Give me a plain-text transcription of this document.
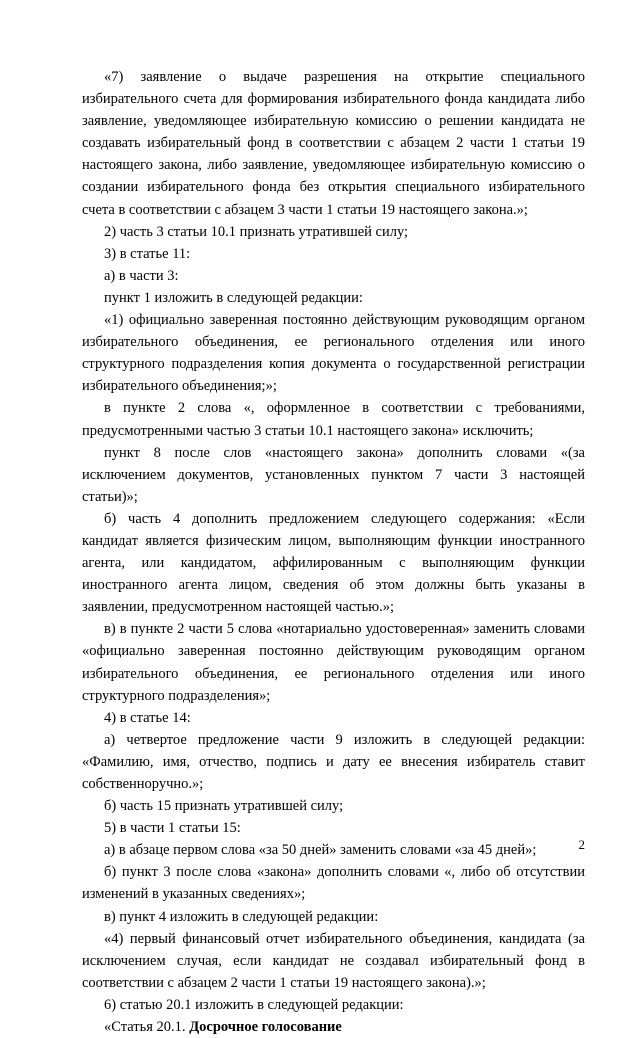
«7) заявление о выдаче разрешения на открытие специального избирательного счета для формирования избирательного фонда кандидата либо заявление, уведомляющее избирательную комиссию о решении кандидата не создавать избирательный фонд в соответствии с абзацем 2 части 1 статьи 19 настоящего закона, либо заявление, уведомляющее избирательную комиссию о создании избирательного фонда без открытия специального избирательного счета в соответствии с абзацем 3 части 1 статьи 19 настоящего закона.»;

2) часть 3 статьи 10.1 признать утратившей силу;

3) в статье 11:

а) в части 3:

пункт 1 изложить в следующей редакции:

«1) официально заверенная постоянно действующим руководящим органом избирательного объединения, ее регионального отделения или иного структурного подразделения копия документа о государственной регистрации избирательного объединения;»;

в пункте 2 слова «, оформленное в соответствии с требованиями, предусмотренными частью 3 статьи 10.1 настоящего закона» исключить;

пункт 8 после слов «настоящего закона» дополнить словами «(за исключением документов, установленных пунктом 7 части 3 настоящей статьи)»;

б) часть 4 дополнить предложением следующего содержания: «Если кандидат является физическим лицом, выполняющим функции иностранного агента, или кандидатом, аффилированным с выполняющим функции иностранного агента лицом, сведения об этом должны быть указаны в заявлении, предусмотренном настоящей частью.»;

в) в пункте 2 части 5 слова «нотариально удостоверенная» заменить словами «официально заверенная постоянно действующим руководящим органом избирательного объединения, ее регионального отделения или иного структурного подразделения»;

4) в статье 14:

а) четвертое предложение части 9 изложить в следующей редакции: «Фамилию, имя, отчество, подпись и дату ее внесения избиратель ставит собственноручно.»;

б) часть 15 признать утратившей силу;

5) в части 1 статьи 15:

а) в абзаце первом слова «за 50 дней» заменить словами «за 45 дней»;

б) пункт 3 после слова «закона» дополнить словами «, либо об отсутствии изменений в указанных сведениях»;

в) пункт 4 изложить в следующей редакции:

«4) первый финансовый отчет избирательного объединения, кандидата (за исключением случая, если кандидат не создавал избирательный фонд в соответствии с абзацем 2 части 1 статьи 19 настоящего закона).»;

6) статью 20.1 изложить в следующей редакции:

«Статья 20.1. Досрочное голосование

2
